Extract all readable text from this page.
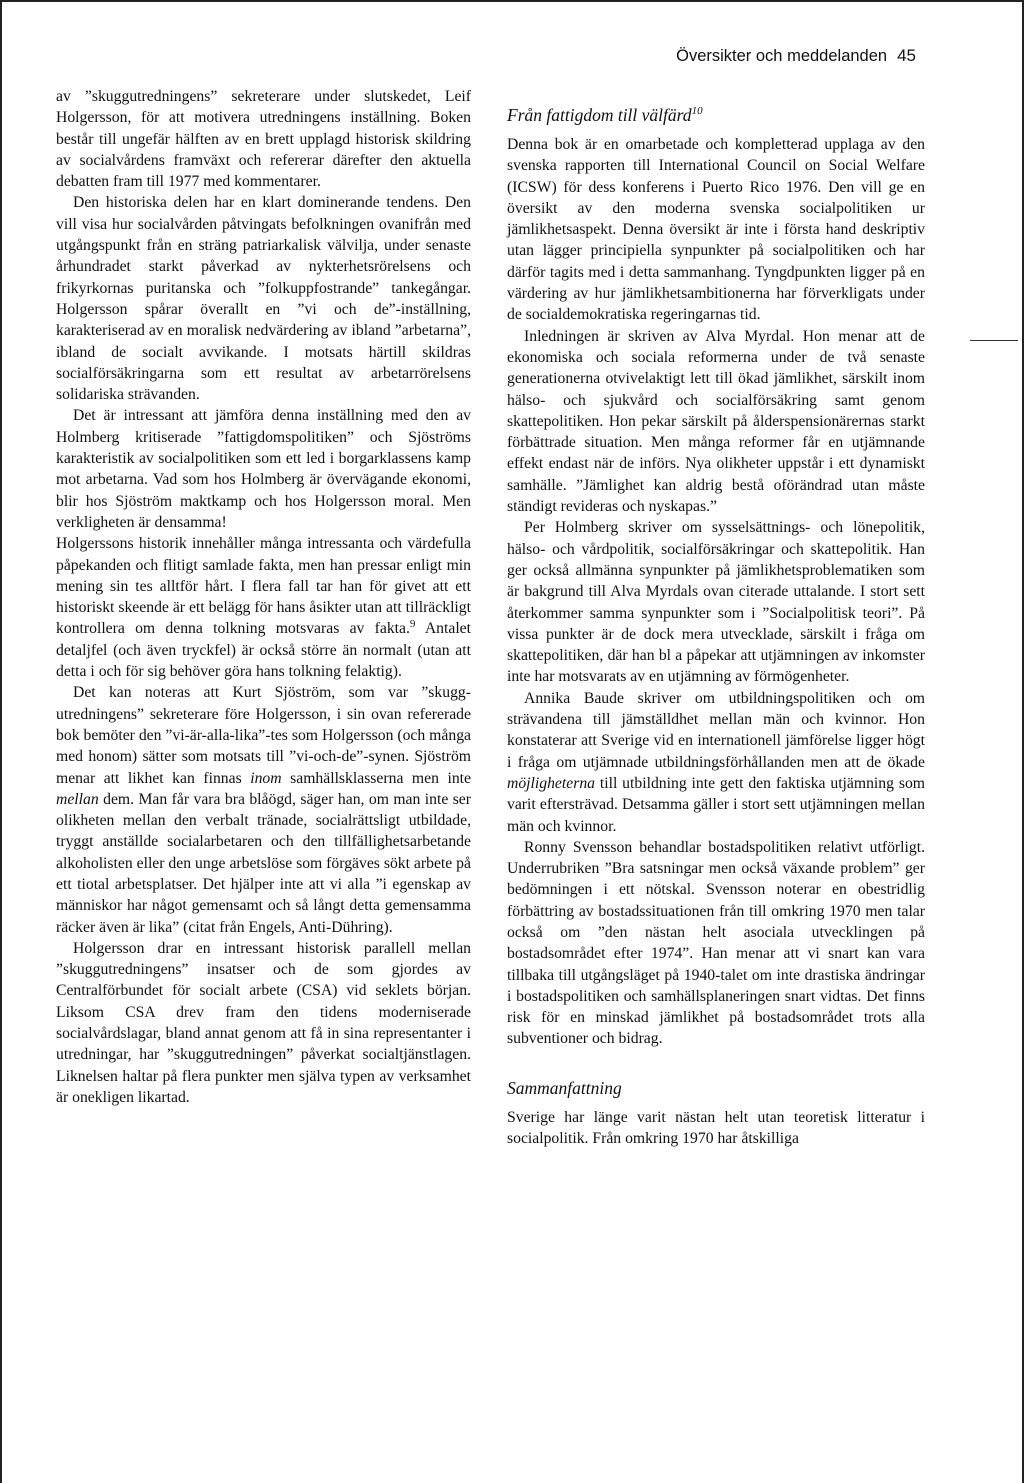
Översikter och meddelanden 45

av ”skuggutredningens” sekreterare under slutskedet, Leif Holgersson, för att motivera utredningens inställning. Boken består till ungefär hälften av en brett upplagd historisk skildring av socialvårdens framväxt och refererar därefter den aktuella debatten fram till 1977 med kommentarer.

Den historiska delen har en klart dominerande tendens. Den vill visa hur socialvården påtvingats befolkningen ovanifrån med utgångspunkt från en sträng patriarkalisk välvilja, under senaste århundradet starkt påverkad av nykterhetsrörelsens och frikyrkornas puritanska och ”folkuppfostrande” tankegångar. Holgersson spårar överallt en ”vi och de”-inställning, karakteriserad av en moralisk nedvärdering av ibland ”arbetarna”, ibland de socialt avvikande. I motsats härtill skildras socialförsäkringarna som ett resultat av arbetarrörelsens solidariska strävanden.

Det är intressant att jämföra denna inställning med den av Holmberg kritiserade ”fattigdomspolitiken” och Sjöströms karakteristik av socialpolitiken som ett led i borgarklassens kamp mot arbetarna. Vad som hos Holmberg är övervägande ekonomi, blir hos Sjöström maktkamp och hos Holgersson moral. Men verkligheten är densamma!

Holgerssons historik innehåller många intressanta och värdefulla påpekanden och flitigt samlade fakta, men han pressar enligt min mening sin tes alltför hårt. I flera fall tar han för givet att ett historiskt skeende är ett belägg för hans åsikter utan att tillräckligt kontrollera om denna tolkning motsvaras av fakta.$^9$ Antalet detaljfel (och även tryckfel) är också större än normalt (utan att detta i och för sig behöver göra hans tolkning felaktig).

Det kan noteras att Kurt Sjöström, som var ”skuggutredningens” sekreterare före Holgersson, i sin ovan refererade bok bemöter den ”vi-är-alla-lika”-tes som Holgersson (och många med honom) sätter som motsats till ”vi-och-de”-synen. Sjöström menar att likhet kan finnas inom samhällsklasserna men inte mellan dem. Man får vara bra blåögd, säger han, om man inte ser olikheten mellan den verbalt tränade, socialrättsligt utbildade, tryggt anställde socialarbetaren och den tillfällighetsarbetande alkoholisten eller den unge arbetslöse som förgäves sökt arbete på ett tiotal arbetsplatser. Det hjälper inte att vi alla ”i egenskap av människor har något gemensamt och så långt detta gemensamma räcker även är lika” (citat från Engels, Anti-Dühring).

Holgersson drar en intressant historisk parallell mellan ”skuggutredningens” insatser och de som gjordes av Centralförbundet för socialt arbete (CSA) vid seklets början. Liksom CSA drev fram den tidens moderniserade socialvårdslagar, bland annat genom att få in sina representanter i utredningar, har ”skuggutredningen” påverkat socialtjänstlagen. Liknelsen haltar på flera punkter men själva typen av verksamhet är onekligen likartad.

Från fattigdom till välfärd$^{10}$

Denna bok är en omarbetade och kompletterad upplaga av den svenska rapporten till International Council on Social Welfare (ICSW) för dess konferens i Puerto Rico 1976. Den vill ge en översikt av den moderna svenska socialpolitiken ur jämlikhetsaspekt. Denna översikt är inte i första hand deskriptiv utan lägger principiella synpunkter på socialpolitiken och har därför tagits med i detta sammanhang. Tyngdpunkten ligger på en värdering av hur jämlikhetsambitionerna har förverkligats under de socialdemokratiska regeringarnas tid.

Inledningen är skriven av Alva Myrdal. Hon menar att de ekonomiska och sociala reformerna under de två senaste generationerna otvivelaktigt lett till ökad jämlikhet, särskilt inom hälso- och sjukvård och socialförsäkring samt genom skattepolitiken. Hon pekar särskilt på ålderspensionärernas starkt förbättrade situation. Men många reformer får en utjämnande effekt endast när de införs. Nya olikheter uppstår i ett dynamiskt samhälle. ”Jämlighet kan aldrig bestå oförändrad utan måste ständigt revideras och nyskapas.”

Per Holmberg skriver om sysselsättnings- och lönepolitik, hälso- och vårdpolitik, socialförsäkringar och skattepolitik. Han ger också allmänna synpunkter på jämlikhetsproblematiken som är bakgrund till Alva Myrdals ovan citerade uttalande. I stort sett återkommer samma synpunkter som i ”Socialpolitisk teori”. På vissa punkter är de dock mera utvecklade, särskilt i fråga om skattepolitiken, där han bl a påpekar att utjämningen av inkomster inte har motsvarats av en utjämning av förmögenheter.

Annika Baude skriver om utbildningspolitiken och om strävandena till jämställdhet mellan män och kvinnor. Hon konstaterar att Sverige vid en internationell jämförelse ligger högt i fråga om utjämnade utbildningsförhållanden men att de ökade möjligheterna till utbildning inte gett den faktiska utjämning som varit eftersträvad. Detsamma gäller i stort sett utjämningen mellan män och kvinnor.

Ronny Svensson behandlar bostadspolitiken relativt utförligt. Underrubriken ”Bra satsningar men också växande problem” ger bedömningen i ett nötskal. Svensson noterar en obestridlig förbättring av bostadssituationen från till omkring 1970 men talar också om ”den nästan helt asociala utvecklingen på bostadsområdet efter 1974”. Han menar att vi snart kan vara tillbaka till utgångsläget på 1940-talet om inte drastiska ändringar i bostadspolitiken och samhällsplaneringen snart vidtas. Det finns risk för en minskad jämlikhet på bostadsområdet trots alla subventioner och bidrag.

Sammanfattning

Sverige har länge varit nästan helt utan teoretisk litteratur i socialpolitik. Från omkring 1970 har åtskilliga
